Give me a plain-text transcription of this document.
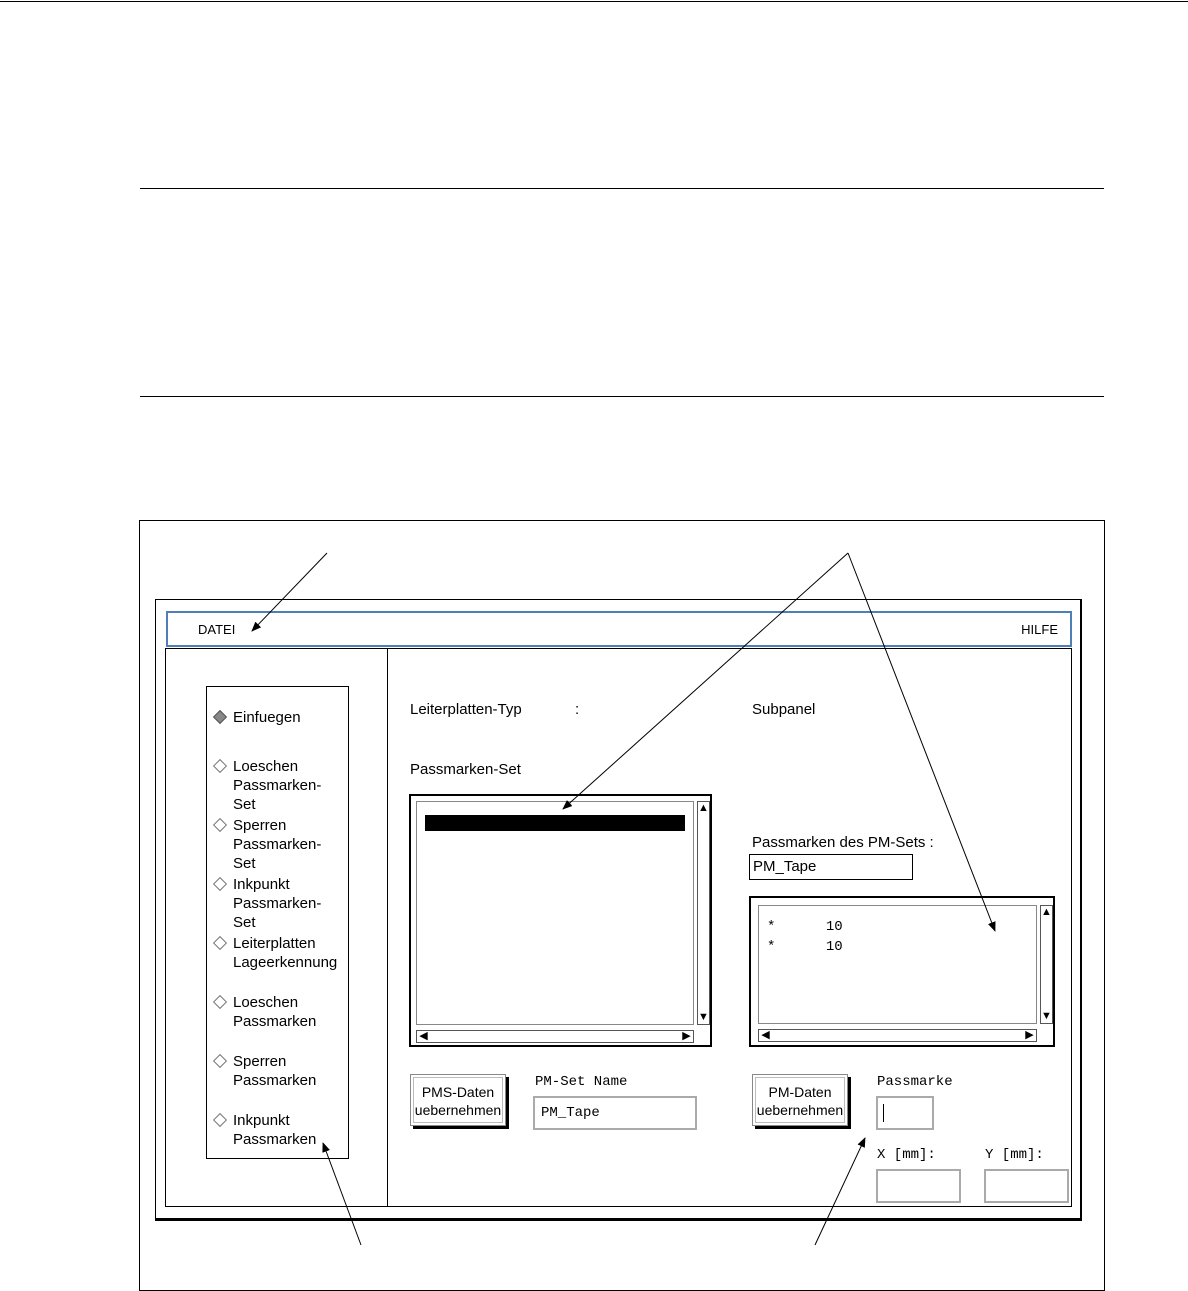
DATEI	HILFE
Einfuegen
Loeschen
Passmarken-Set
Sperren
Passmarken-Set
Inkpunkt
Passmarken-Set
Leiterplatten
Lageerkennung
Loeschen
Passmarken
Sperren
Passmarken
Inkpunkt
Passmarken
Leiterplatten-Typ	:	Subpanel
Passmarken-Set

* L PM_Tape

▲
▼
◀	▶
Passmarken des PM-Sets :
PM_Tape
*	10
*	10
▲
▼
◀	▶
PMS-Daten
uebernehmen
PM-Set Name
PM_Tape
PM-Daten
uebernehmen
Passmarke
X [mm]:	Y [mm]:
